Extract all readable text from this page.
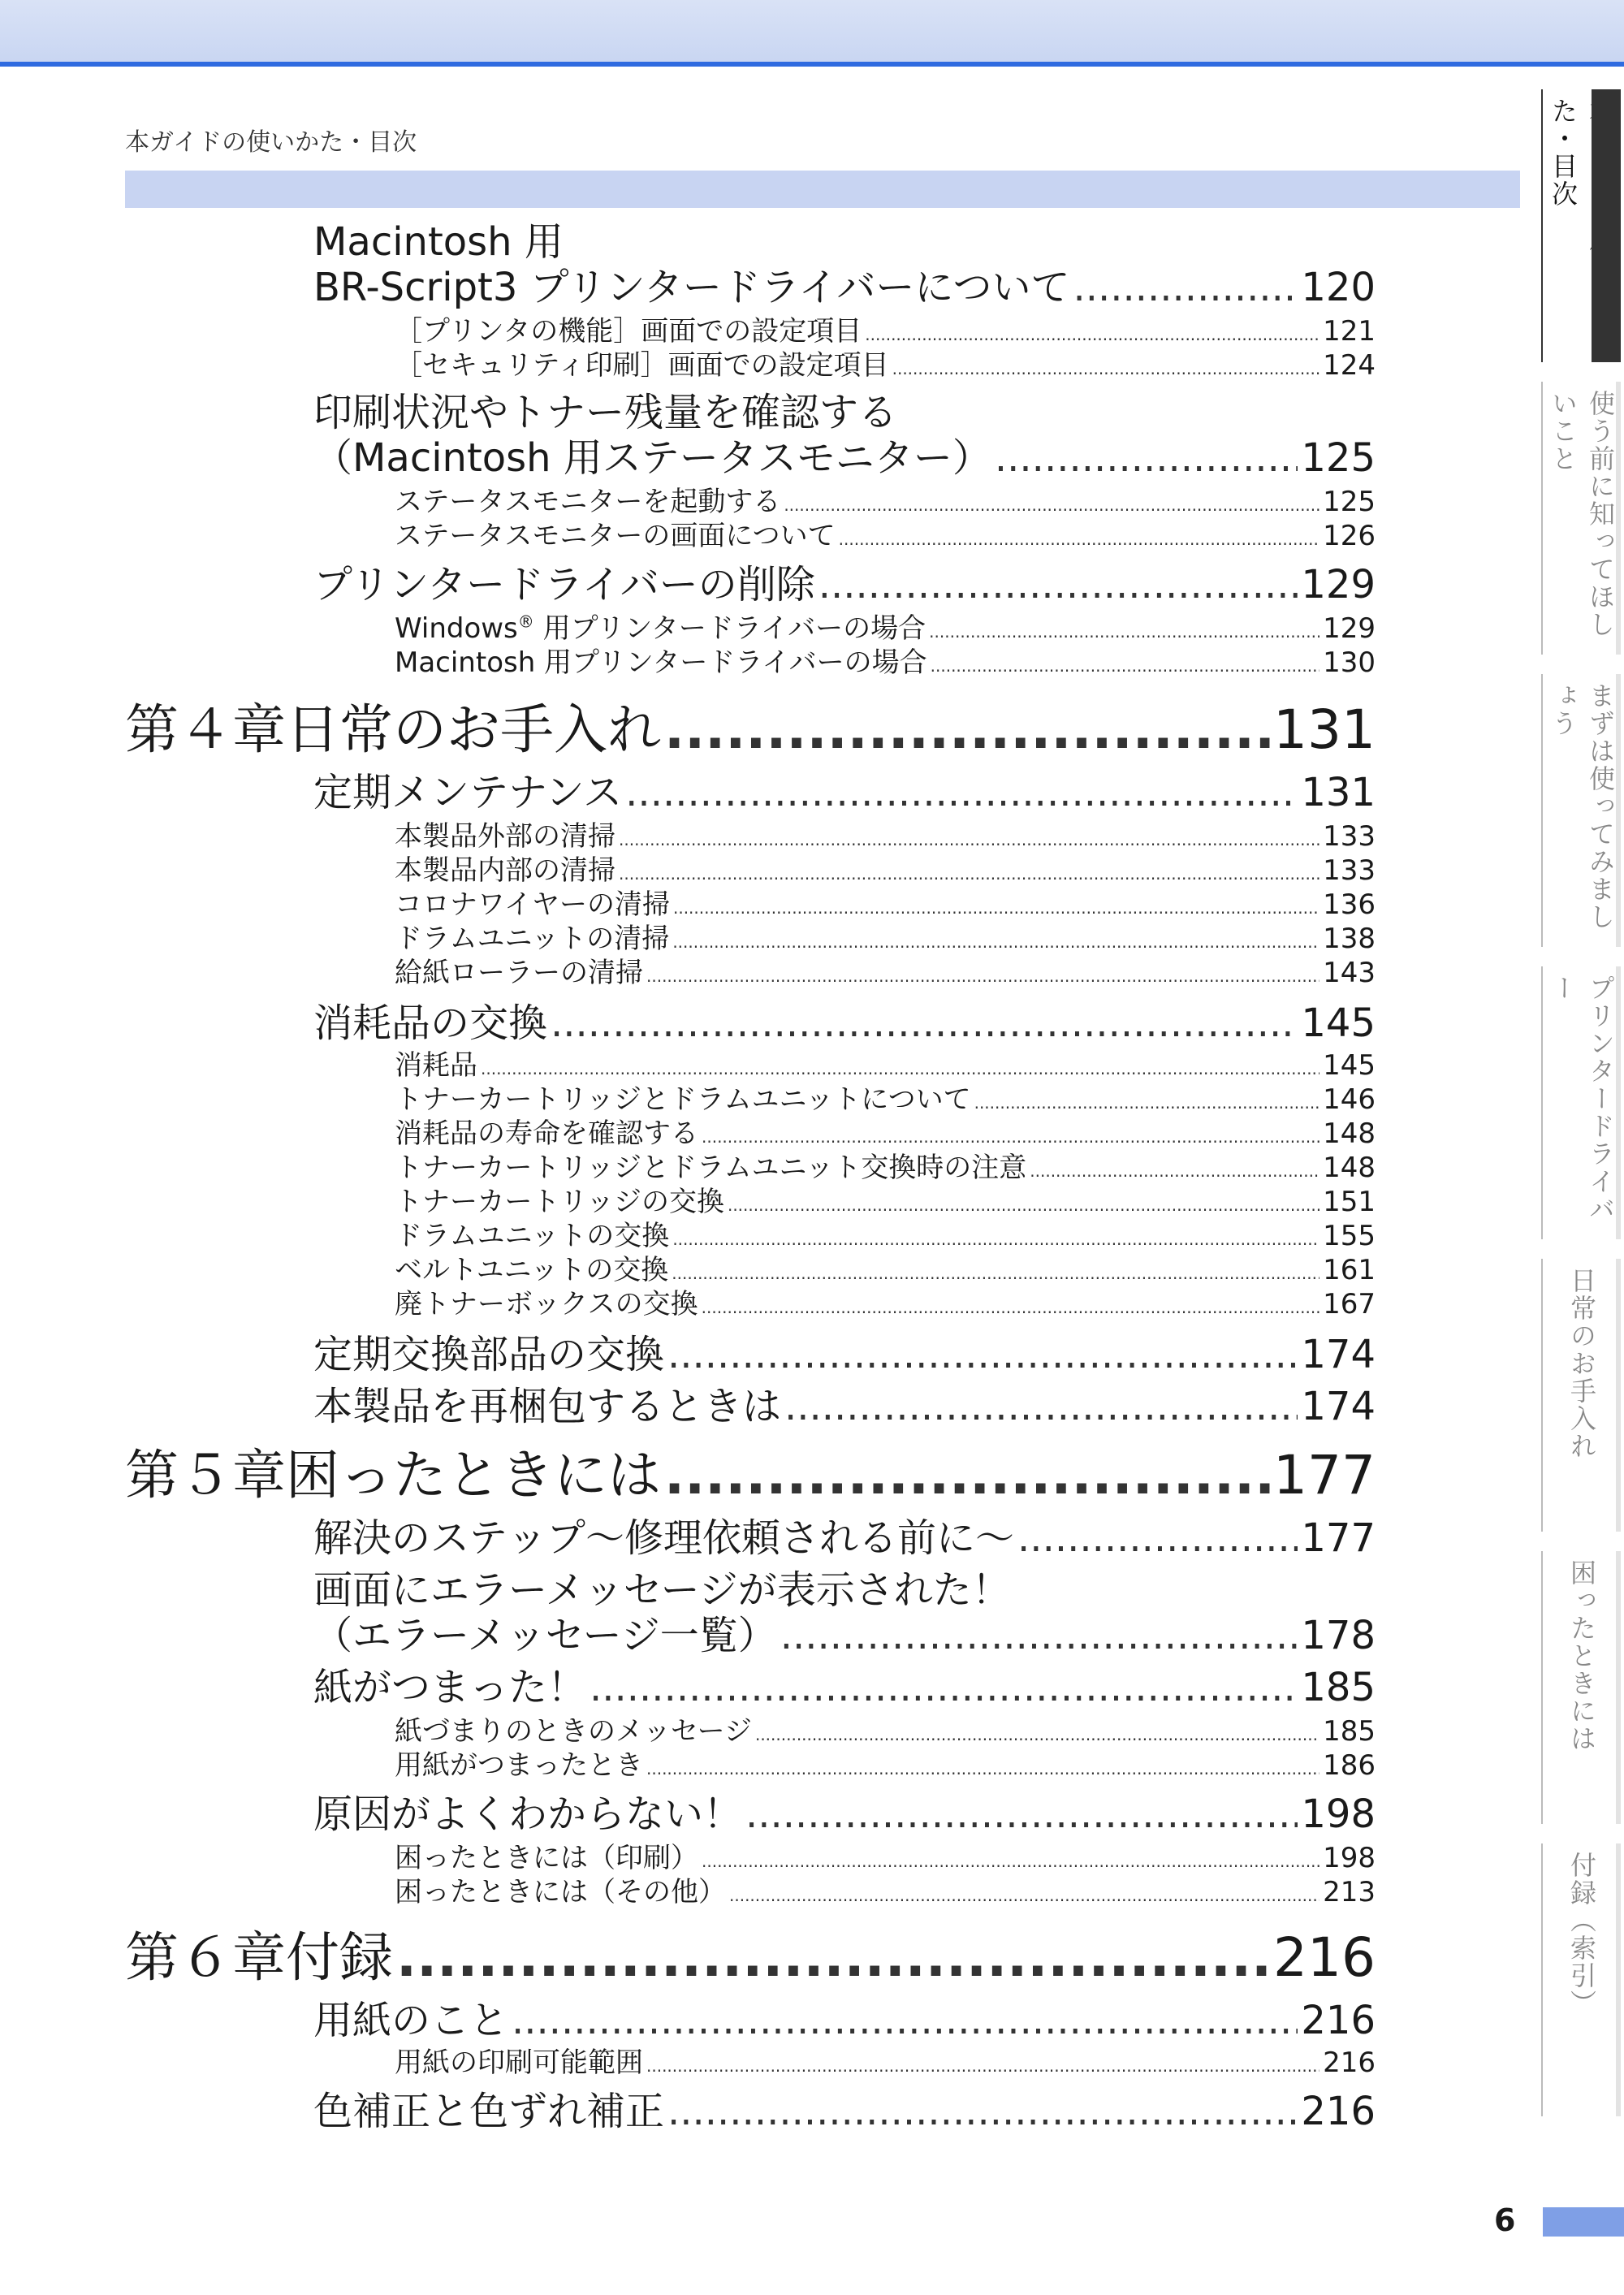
本ガイドの使いかた・目次
Macintosh 用
BR-Script3 プリンタードライバーについて .....	120
［プリンタの機能］画面での設定項目 .....	121
［セキュリティ印刷］画面での設定項目 .....	124
印刷状況やトナー残量を確認する
（Macintosh 用ステータスモニター） .....	125
ステータスモニターを起動する .....	125
ステータスモニターの画面について .....	126
プリンタードライバーの削除 .....	129
Windows® 用プリンタードライバーの場合 .....	129
Macintosh 用プリンタードライバーの場合 .....	130
第４章 日常のお手入れ .....	131
定期メンテナンス .....	131
本製品外部の清掃 .....	133
本製品内部の清掃 .....	133
コロナワイヤーの清掃 .....	136
ドラムユニットの清掃 .....	138
給紙ローラーの清掃 .....	143
消耗品の交換 .....	145
消耗品 .....	145
トナーカートリッジとドラムユニットについて .....	146
消耗品の寿命を確認する .....	148
トナーカートリッジとドラムユニット交換時の注意 .....	148
トナーカートリッジの交換 .....	151
ドラムユニットの交換 .....	155
ベルトユニットの交換 .....	161
廃トナーボックスの交換 .....	167
定期交換部品の交換 .....	174
本製品を再梱包するときは .....	174
第５章 困ったときには .....	177
解決のステップ～修理依頼される前に～ .....	177
画面にエラーメッセージが表示された！
（エラーメッセージ一覧） .....	178
紙がつまった！ .....	185
紙づまりのときのメッセージ .....	185
用紙がつまったとき .....	186
原因がよくわからない！ .....	198
困ったときには（印刷） .....	198
困ったときには（その他） .....	213
第６章 付録 .....	216
用紙のこと .....	216
用紙の印刷可能範囲 .....	216
色補正と色ずれ補正 .....	216
た・目次
使う前に知ってほしいこと
まずは使ってみましょう
プリンタードライバー
日常のお手入れ
困ったときには
付録（索引）
6
